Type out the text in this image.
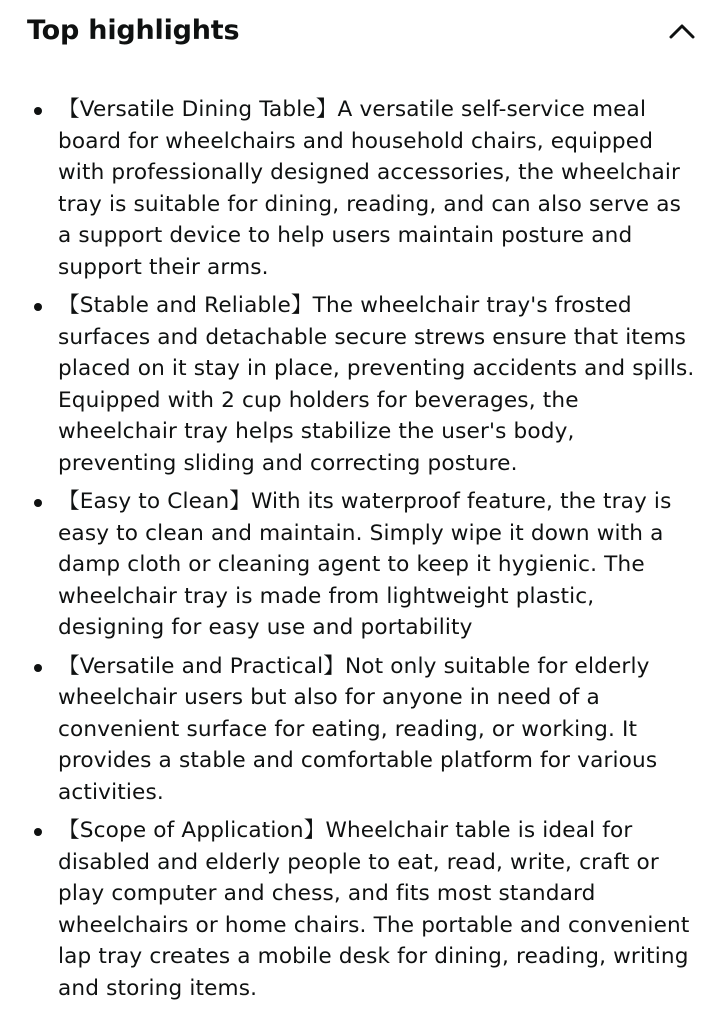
Top highlights
【Versatile Dining Table】A versatile self-service meal board for wheelchairs and household chairs, equipped with professionally designed accessories, the wheelchair tray is suitable for dining, reading, and can also serve as a support device to help users maintain posture and support their arms.
【Stable and Reliable】The wheelchair tray's frosted surfaces and detachable secure strews ensure that items placed on it stay in place, preventing accidents and spills. Equipped with 2 cup holders for beverages, the wheelchair tray helps stabilize the user's body, preventing sliding and correcting posture.
【Easy to Clean】With its waterproof feature, the tray is easy to clean and maintain. Simply wipe it down with a damp cloth or cleaning agent to keep it hygienic. The wheelchair tray is made from lightweight plastic, designing for easy use and portability
【Versatile and Practical】Not only suitable for elderly wheelchair users but also for anyone in need of a convenient surface for eating, reading, or working. It provides a stable and comfortable platform for various activities.
【Scope of Application】Wheelchair table is ideal for disabled and elderly people to eat, read, write, craft or play computer and chess, and fits most standard wheelchairs or home chairs. The portable and convenient lap tray creates a mobile desk for dining, reading, writing and storing items.
